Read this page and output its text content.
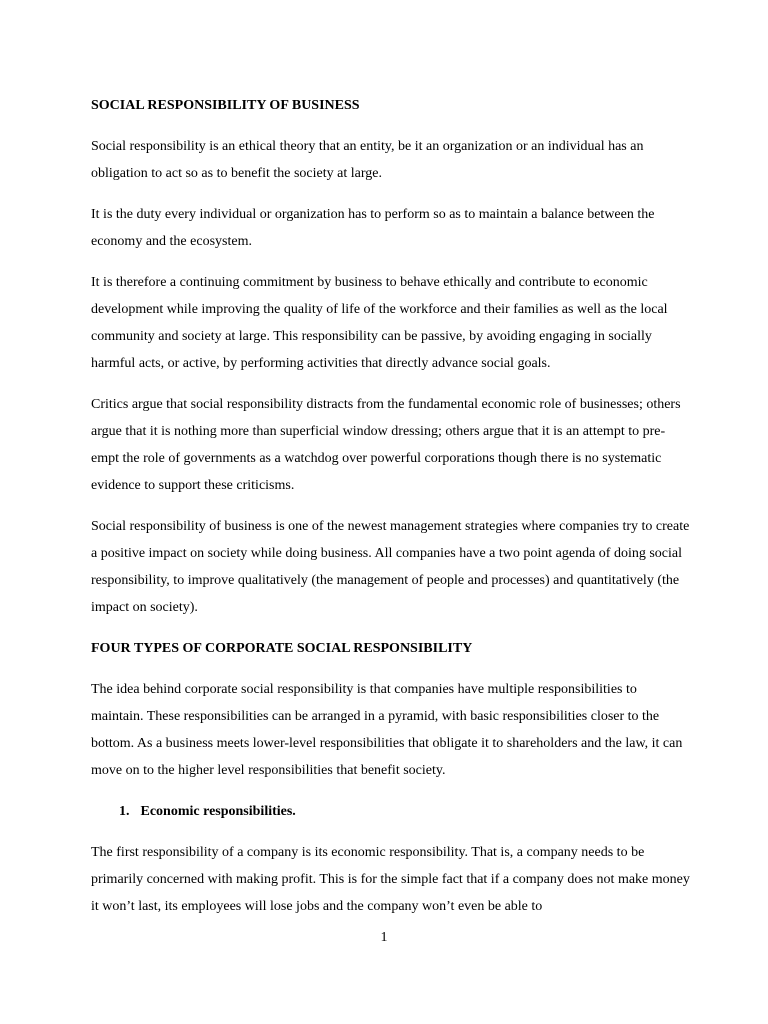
SOCIAL RESPONSIBILITY OF BUSINESS

Social responsibility is an ethical theory that an entity, be it an organization or an individual has an obligation to act so as to benefit the society at large.

It is the duty every individual or organization has to perform so as to maintain a balance between the economy and the ecosystem.

It is therefore a continuing commitment by business to behave ethically and contribute to economic development while improving the quality of life of the workforce and their families as well as the local community and society at large. This responsibility can be passive, by avoiding engaging in socially harmful acts, or active, by performing activities that directly advance social goals.

Critics argue that social responsibility distracts from the fundamental economic role of businesses; others argue that it is nothing more than superficial window dressing; others argue that it is an attempt to pre-empt the role of governments as a watchdog over powerful corporations though there is no systematic evidence to support these criticisms.

Social responsibility of business is one of the newest management strategies where companies try to create a positive impact on society while doing business. All companies have a two point agenda of doing social responsibility, to improve qualitatively (the management of people and processes) and quantitatively (the impact on society).

FOUR TYPES OF CORPORATE SOCIAL RESPONSIBILITY

The idea behind corporate social responsibility is that companies have multiple responsibilities to maintain. These responsibilities can be arranged in a pyramid, with basic responsibilities closer to the bottom. As a business meets lower-level responsibilities that obligate it to shareholders and the law, it can move on to the higher level responsibilities that benefit society.

1. Economic responsibilities.

The first responsibility of a company is its economic responsibility. That is, a company needs to be primarily concerned with making profit. This is for the simple fact that if a company does not make money it won’t last, its employees will lose jobs and the company won’t even be able to

1
